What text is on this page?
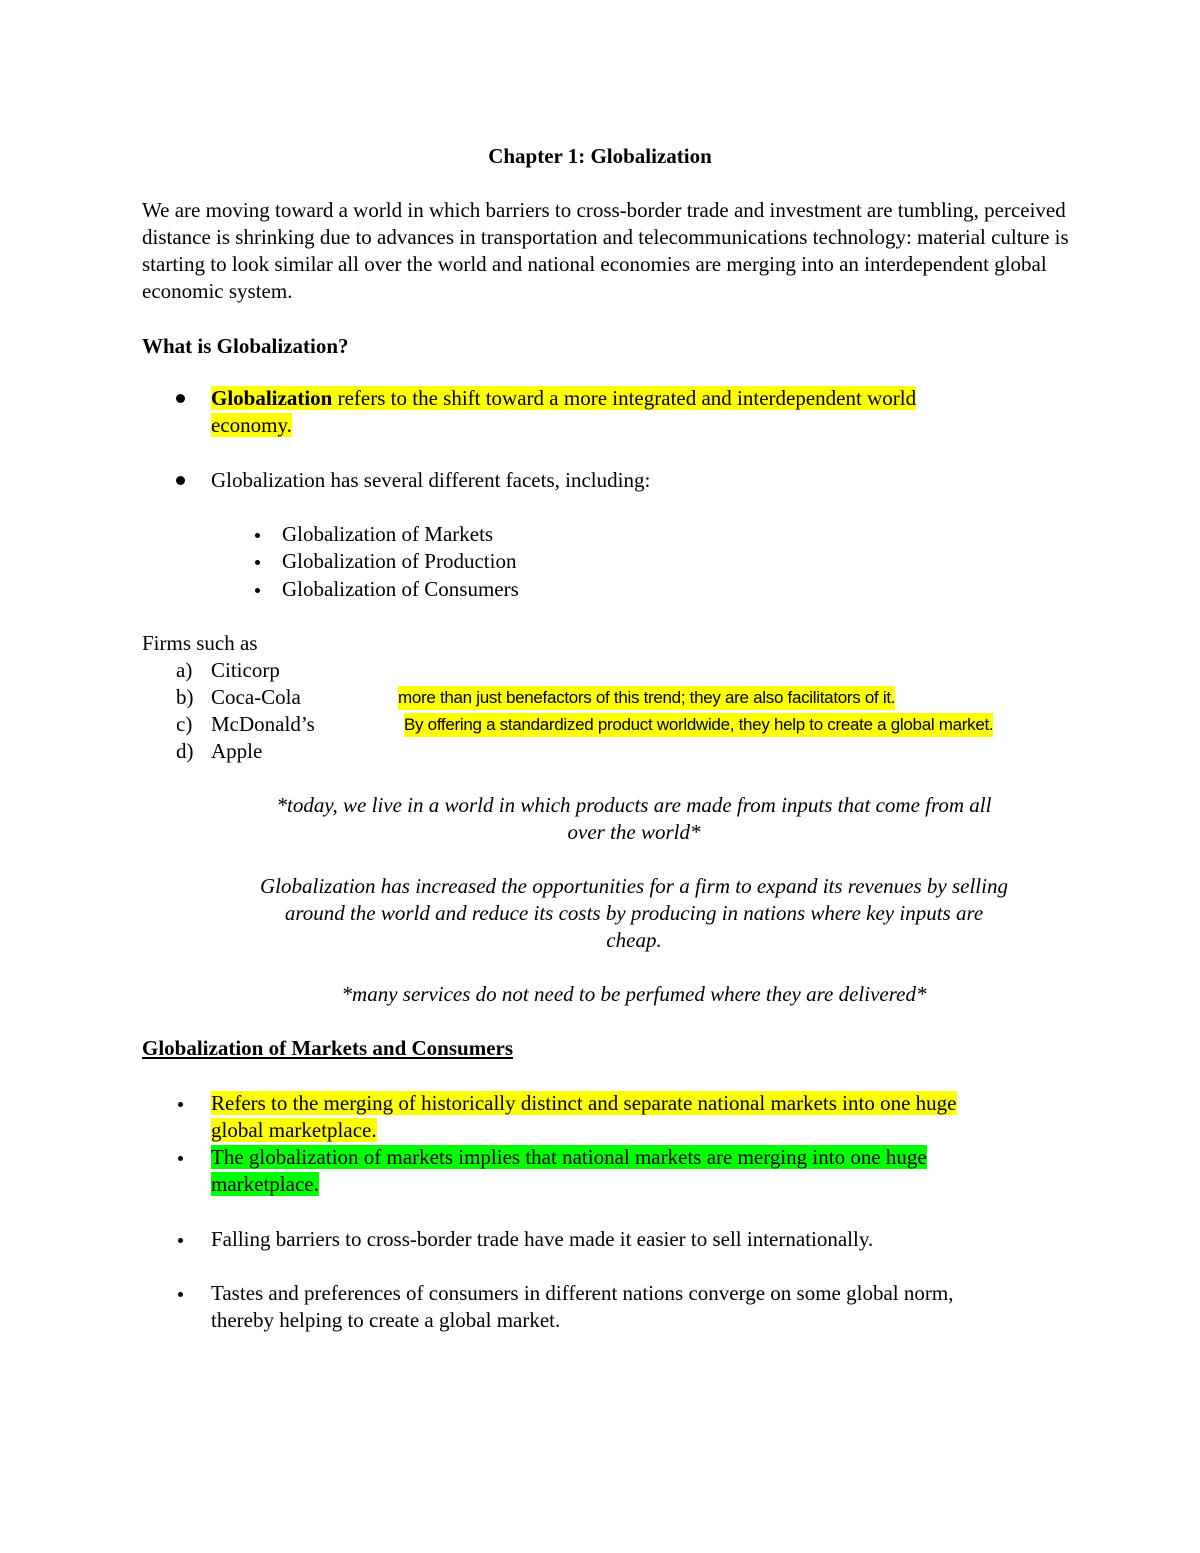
Chapter 1: Globalization
We are moving toward a world in which barriers to cross-border trade and investment are tumbling, perceived distance is shrinking due to advances in transportation and telecommunications technology: material culture is starting to look similar all over the world and national economies are merging into an interdependent global economic system.
What is Globalization?
Globalization refers to the shift toward a more integrated and interdependent world
economy.
Globalization has several different facets, including:
Globalization of Markets
Globalization of Production
Globalization of Consumers
Firms such as
a) Citicorp
b) Coca-Cola	more than just benefactors of this trend; they are also facilitators of it.
c) McDonald’s	By offering a standardized product worldwide, they help to create a global market.
d) Apple
*today, we live in a world in which products are made from inputs that come from all
over the world*
Globalization has increased the opportunities for a firm to expand its revenues by selling
around the world and reduce its costs by producing in nations where key inputs are
cheap.
*many services do not need to be perfumed where they are delivered*
Globalization of Markets and Consumers
Refers to the merging of historically distinct and separate national markets into one huge
global marketplace.
The globalization of markets implies that national markets are merging into one huge
marketplace.
Falling barriers to cross-border trade have made it easier to sell internationally.
Tastes and preferences of consumers in different nations converge on some global norm,
thereby helping to create a global market.
